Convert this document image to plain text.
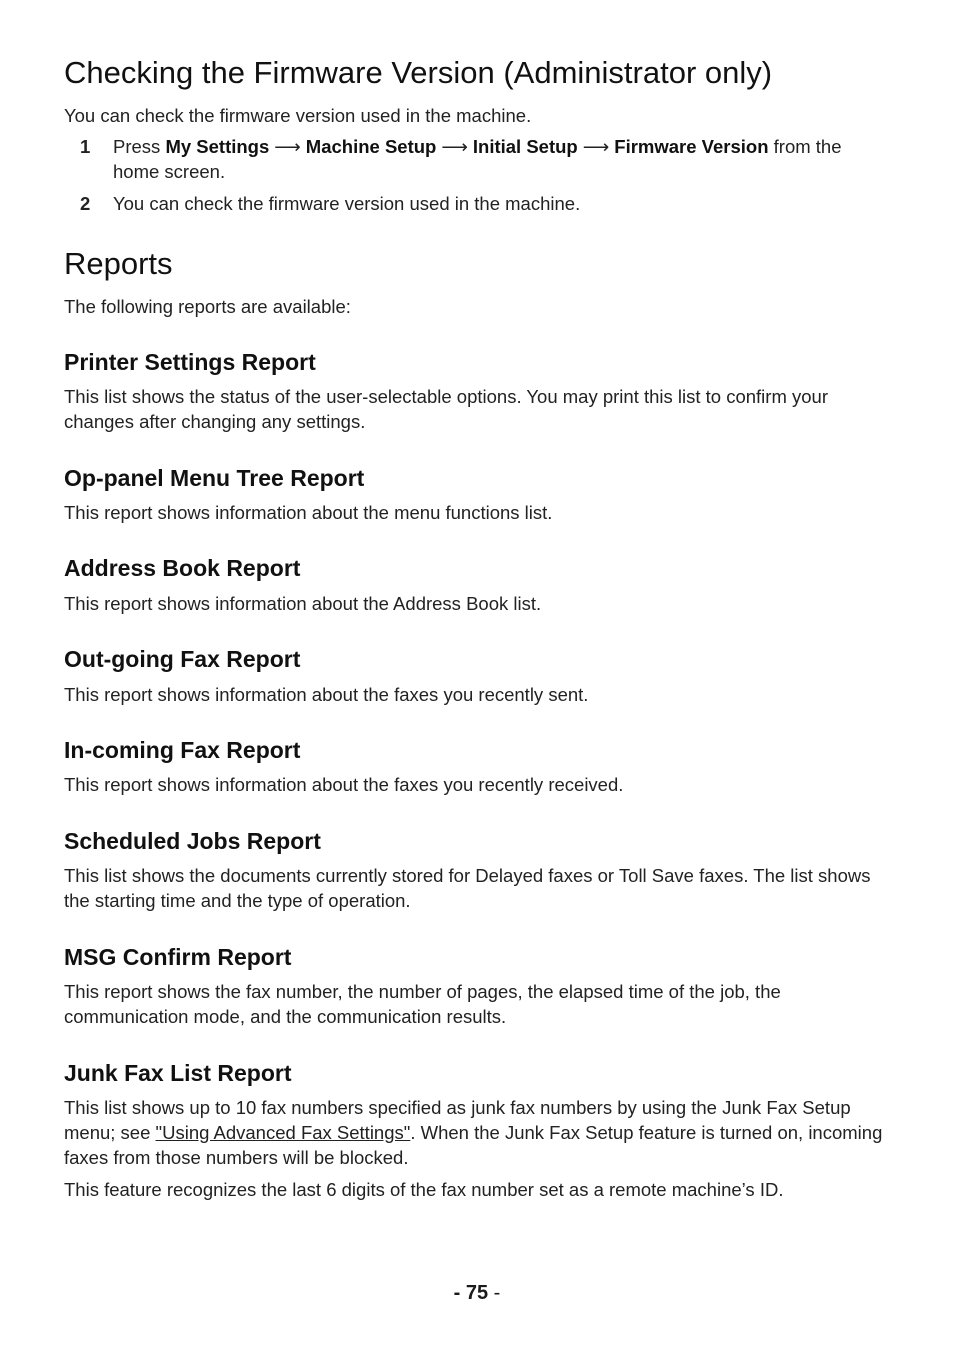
Checking the Firmware Version (Administrator only)

You can check the firmware version used in the machine.

1 Press My Settings ⟶ Machine Setup ⟶ Initial Setup ⟶ Firmware Version from the home screen.
2 You can check the firmware version used in the machine.
Reports

The following reports are available:

Printer Settings Report

This list shows the status of the user-selectable options. You may print this list to confirm your changes after changing any settings.

Op-panel Menu Tree Report

This report shows information about the menu functions list.

Address Book Report

This report shows information about the Address Book list.

Out-going Fax Report

This report shows information about the faxes you recently sent.

In-coming Fax Report

This report shows information about the faxes you recently received.

Scheduled Jobs Report

This list shows the documents currently stored for Delayed faxes or Toll Save faxes. The list shows the starting time and the type of operation.

MSG Confirm Report

This report shows the fax number, the number of pages, the elapsed time of the job, the communication mode, and the communication results.

Junk Fax List Report

This list shows up to 10 fax numbers specified as junk fax numbers by using the Junk Fax Setup menu; see "Using Advanced Fax Settings". When the Junk Fax Setup feature is turned on, incoming faxes from those numbers will be blocked.

This feature recognizes the last 6 digits of the fax number set as a remote machine’s ID.

- 75 -
